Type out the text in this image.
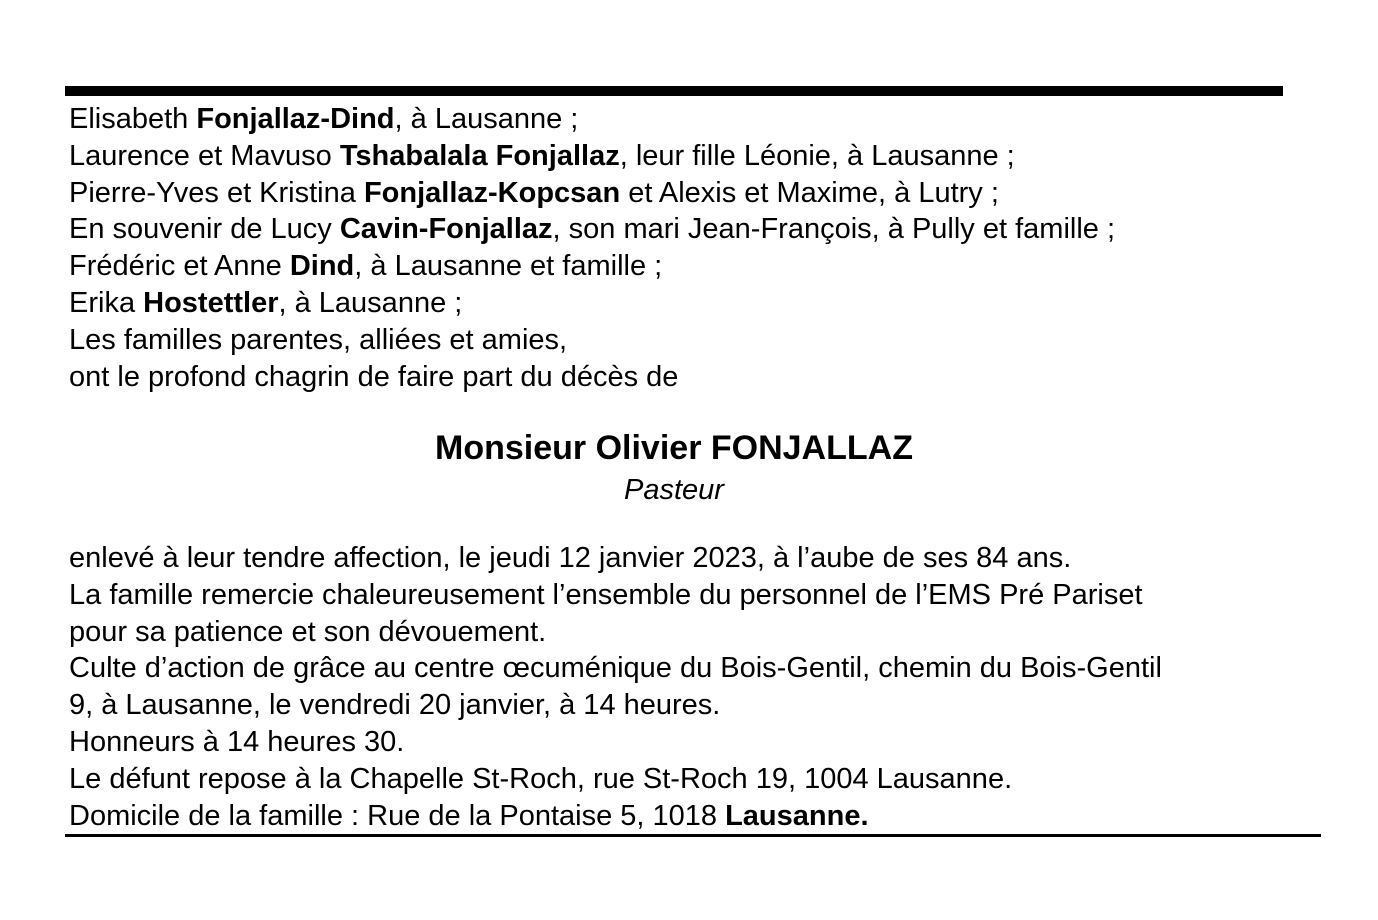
Elisabeth Fonjallaz-Dind, à Lausanne ;
Laurence et Mavuso Tshabalala Fonjallaz, leur fille Léonie, à Lausanne ;
Pierre-Yves et Kristina Fonjallaz-Kopcsan et Alexis et Maxime, à Lutry ;
En souvenir de Lucy Cavin-Fonjallaz, son mari Jean-François, à Pully et famille ;
Frédéric et Anne Dind, à Lausanne et famille ;
Erika Hostettler, à Lausanne ;
Les familles parentes, alliées et amies,
ont le profond chagrin de faire part du décès de
Monsieur Olivier FONJALLAZ
Pasteur
enlevé à leur tendre affection, le jeudi 12 janvier 2023, à l’aube de ses 84 ans.
La famille remercie chaleureusement l’ensemble du personnel de l’EMS Pré Pariset
pour sa patience et son dévouement.
Culte d’action de grâce au centre œcuménique du Bois-Gentil, chemin du Bois-Gentil
9, à Lausanne, le vendredi 20 janvier, à 14 heures.
Honneurs à 14 heures 30.
Le défunt repose à la Chapelle St-Roch, rue St-Roch 19, 1004 Lausanne.
Domicile de la famille : Rue de la Pontaise 5, 1018 Lausanne.
